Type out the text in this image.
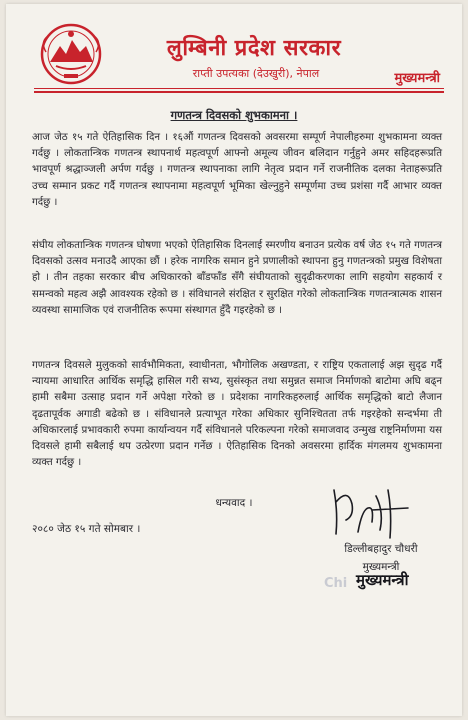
लुम्बिनी प्रदेश सरकार
राप्ती उपत्यका (देउखुरी), नेपाल	मुख्यमन्त्री
गणतन्त्र दिवसको शुभकामना ।

आज जेठ १५ गते ऐतिहासिक दिन । १६औं गणतन्त्र दिवसको अवसरमा सम्पूर्ण नेपालीहरुमा शुभकामना व्यक्त गर्दछु । लोकतान्त्रिक गणतन्त्र स्थापनार्थ महत्वपूर्ण आफ्नो अमूल्य जीवन बलिदान गर्नुहुने अमर सहिदहरूप्रति भावपूर्ण श्रद्धाञ्जली अर्पण गर्दछु । गणतन्त्र स्थापनाका लागि नेतृत्व प्रदान गर्ने राजनीतिक दलका नेताहरूप्रति उच्च सम्मान प्रकट गर्दै गणतन्त्र स्थापनामा महत्वपूर्ण भूमिका खेल्नुहुने सम्पूर्णमा उच्च प्रशंसा गर्दै आभार व्यक्त गर्दछु ।

संघीय लोकतान्त्रिक गणतन्त्र घोषणा भएको ऐतिहासिक दिनलाई स्मरणीय बनाउन प्रत्येक वर्ष जेठ १५ गते गणतन्त्र दिवसको उत्सव मनाउदै आएका छौं । हरेक नागरिक समान हुने प्रणालीको स्थापना हुनु गणतन्त्रको प्रमुख विशेषता हो । तीन तहका सरकार बीच अधिकारको बाँडफाँड सँगै संघीयताको सुदृढीकरणका लागि सहयोग सहकार्य र समन्वको महत्व अझै आवश्यक रहेको छ । संविधानले संरक्षित र सुरक्षित गरेको लोकतान्त्रिक गणतन्त्रात्मक शासन व्यवस्था सामाजिक एवं राजनीतिक रूपमा संस्थागत हुँदै गइरहेको छ ।

गणतन्त्र दिवसले मुलुकको सार्वभौमिकता, स्वाधीनता, भौगोलिक अखण्डता, र राष्ट्रिय एकतालाई अझ सुदृढ गर्दै न्यायमा आधारित आर्थिक समृद्धि हासिल गरी सभ्य, सुसंस्कृत तथा समुन्नत समाज निर्माणको बाटोमा अघि बढ्न हामी सबैमा उत्साह प्रदान गर्ने अपेक्षा गरेको छ । प्रदेशका नागरिकहरुलाई आर्थिक समृद्धिको बाटो लैजान दृढतापूर्वक अगाडी बढेको छ । संविधानले प्रत्याभूत गरेका अधिकार सुनिश्चितता तर्फ गइरहेको सन्दर्भमा ती अधिकारलाई प्रभावकारी रुपमा कार्यान्वयन गर्दै संविधानले परिकल्पना गरेको समाजवाद उन्मुख राष्ट्रनिर्माणमा यस दिवसले हामी सबैलाई थप उत्प्रेरणा प्रदान गर्नेछ । ऐतिहासिक दिनको अवसरमा हार्दिक मंगलमय शुभकामना व्यक्त गर्दछु ।

धन्यवाद ।
२०८० जेठ १५ गते सोमबार ।
डिल्लीबहादुर चौधरी
मुख्यमन्त्री
Chi मुख्यमन्त्री
